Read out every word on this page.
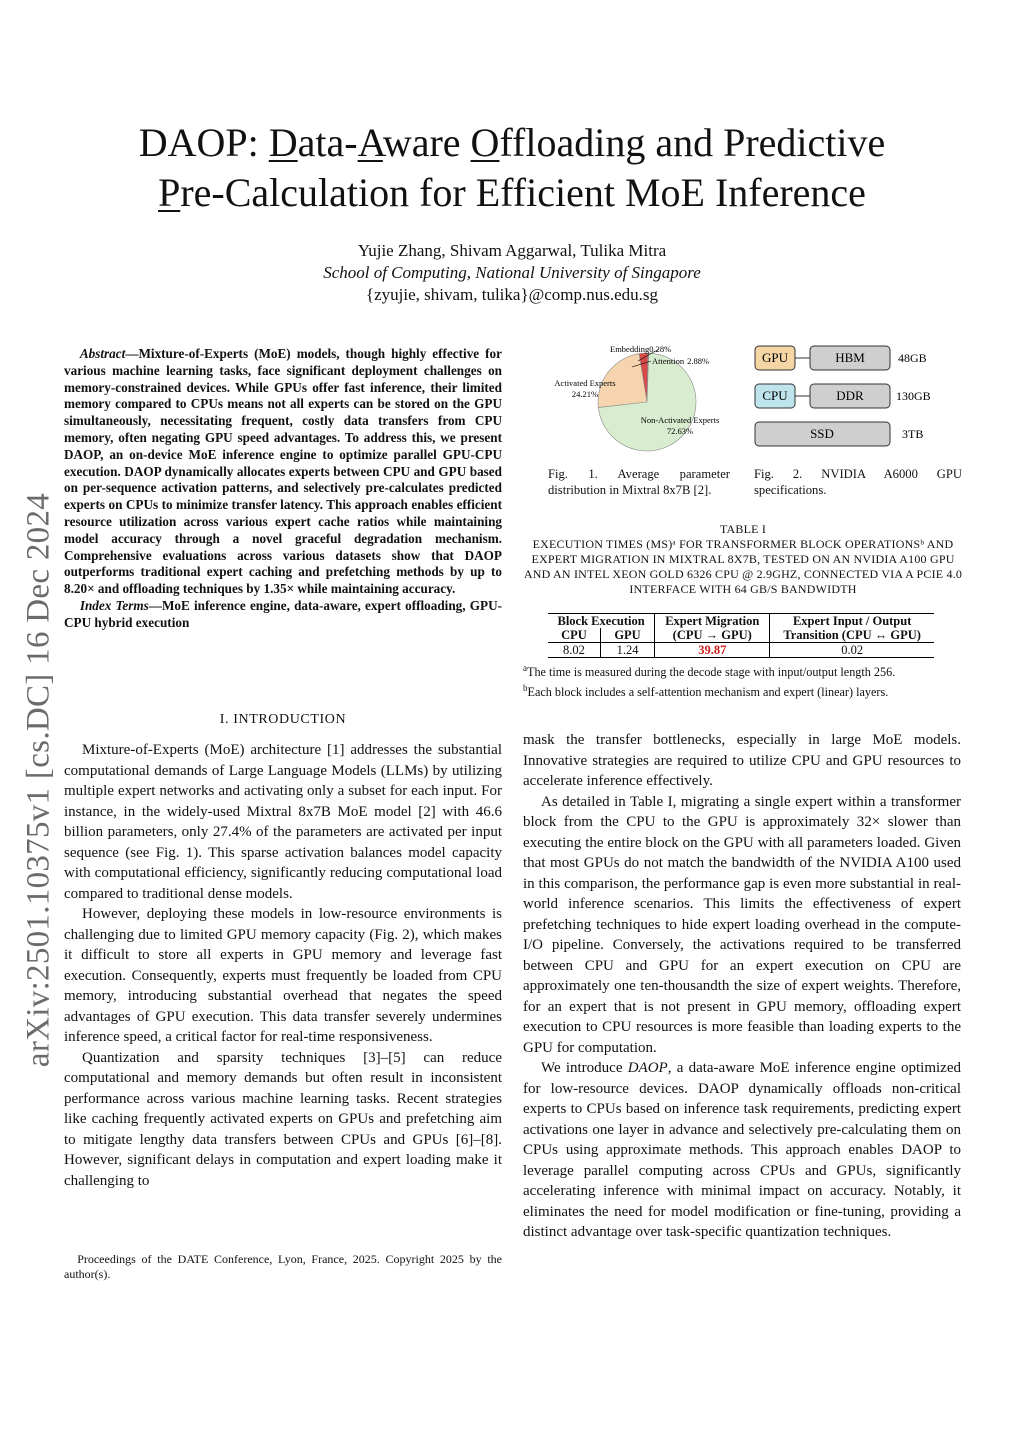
arXiv:2501.10375v1 [cs.DC] 16 Dec 2024
DAOP: Data-Aware Offloading and Predictive
Pre-Calculation for Efficient MoE Inference
Yujie Zhang, Shivam Aggarwal, Tulika Mitra
School of Computing, National University of Singapore
{zyujie, shivam, tulika}@comp.nus.edu.sg

Abstract—Mixture-of-Experts (MoE) models, though highly effective for various machine learning tasks, face significant deployment challenges on memory-constrained devices. While GPUs offer fast inference, their limited memory compared to CPUs means not all experts can be stored on the GPU simultaneously, necessitating frequent, costly data transfers from CPU memory, often negating GPU speed advantages. To address this, we present DAOP, an on-device MoE inference engine to optimize parallel GPU-CPU execution. DAOP dynamically allocates experts between CPU and GPU based on per-sequence activation patterns, and selectively pre-calculates predicted experts on CPUs to minimize transfer latency. This approach enables efficient resource utilization across various expert cache ratios while maintaining model accuracy through a novel graceful degradation mechanism. Comprehensive evaluations across various datasets show that DAOP outperforms traditional expert caching and prefetching methods by up to 8.20× and offloading techniques by 1.35× while maintaining accuracy.

Index Terms—MoE inference engine, data-aware, expert offloading, GPU-CPU hybrid execution

I. INTRODUCTION

Mixture-of-Experts (MoE) architecture [1] addresses the substantial computational demands of Large Language Models (LLMs) by utilizing multiple expert networks and activating only a subset for each input. For instance, in the widely-used Mixtral 8x7B MoE model [2] with 46.6 billion parameters, only 27.4% of the parameters are activated per input sequence (see Fig. 1). This sparse activation balances model capacity with computational efficiency, significantly reducing computational load compared to traditional dense models.

However, deploying these models in low-resource environments is challenging due to limited GPU memory capacity (Fig. 2), which makes it difficult to store all experts in GPU memory and leverage fast execution. Consequently, experts must frequently be loaded from CPU memory, introducing substantial overhead that negates the speed advantages of GPU execution. This data transfer severely undermines inference speed, a critical factor for real-time responsiveness.

Quantization and sparsity techniques [3]–[5] can reduce computational and memory demands but often result in inconsistent performance across various machine learning tasks. Recent strategies like caching frequently activated experts on GPUs and prefetching aim to mitigate lengthy data transfers between CPUs and GPUs [6]–[8]. However, significant delays in computation and expert loading make it challenging to

Proceedings of the DATE Conference, Lyon, France, 2025. Copyright 2025 by the author(s).

mask the transfer bottlenecks, especially in large MoE models. Innovative strategies are required to utilize CPU and GPU resources to accelerate inference effectively.

As detailed in Table I, migrating a single expert within a transformer block from the CPU to the GPU is approximately 32× slower than executing the entire block on the GPU with all parameters loaded. Given that most GPUs do not match the bandwidth of the NVIDIA A100 used in this comparison, the performance gap is even more substantial in real-world inference scenarios. This limits the effectiveness of expert prefetching techniques to hide expert loading overhead in the compute-I/O pipeline. Conversely, the activations required to be transferred between CPU and GPU for an expert execution on CPU are approximately one ten-thousandth the size of expert weights. Therefore, for an expert that is not present in GPU memory, offloading expert execution to CPU resources is more feasible than loading experts to the GPU for computation.

We introduce DAOP, a data-aware MoE inference engine optimized for low-resource devices. DAOP dynamically offloads non-critical experts to CPUs based on inference task requirements, predicting expert activations one layer in advance and selectively pre-calculating them on CPUs using approximate methods. This approach enables DAOP to leverage parallel computing across CPUs and GPUs, significantly accelerating inference with minimal impact on accuracy. Notably, it eliminates the need for model modification or fine-tuning, providing a distinct advantage over task-specific quantization techniques.

Embedding0.28%
Attention 2.88%
Activated Experts 24.21%
Non-Activated Experts 72.63%
Fig. 1. Average parameter distribution in Mixtral 8x7B [2].
GPU
CPU
HBM
DDR
SSD
48GB
130GB
3TB
Fig. 2. NVIDIA A6000 GPU specifications.
TABLE I
EXECUTION TIMES (MS)ᵃ FOR TRANSFORMER BLOCK OPERATIONSᵇ AND EXPERT MIGRATION IN MIXTRAL 8X7B, TESTED ON AN NVIDIA A100 GPU AND AN INTEL XEON GOLD 6326 CPU @ 2.9GHZ, CONNECTED VIA A PCIE 4.0 INTERFACE WITH 64 GB/S BANDWIDTH
Block Execution		Expert Migration	Expert Input / Output
CPU	GPU	(CPU → GPU)	Transition (CPU ↔ GPU)
8.02	1.24	39.87	0.02
$^a$The time is measured during the decode stage with input/output length 256.
$^b$Each block includes a self-attention mechanism and expert (linear) layers.
